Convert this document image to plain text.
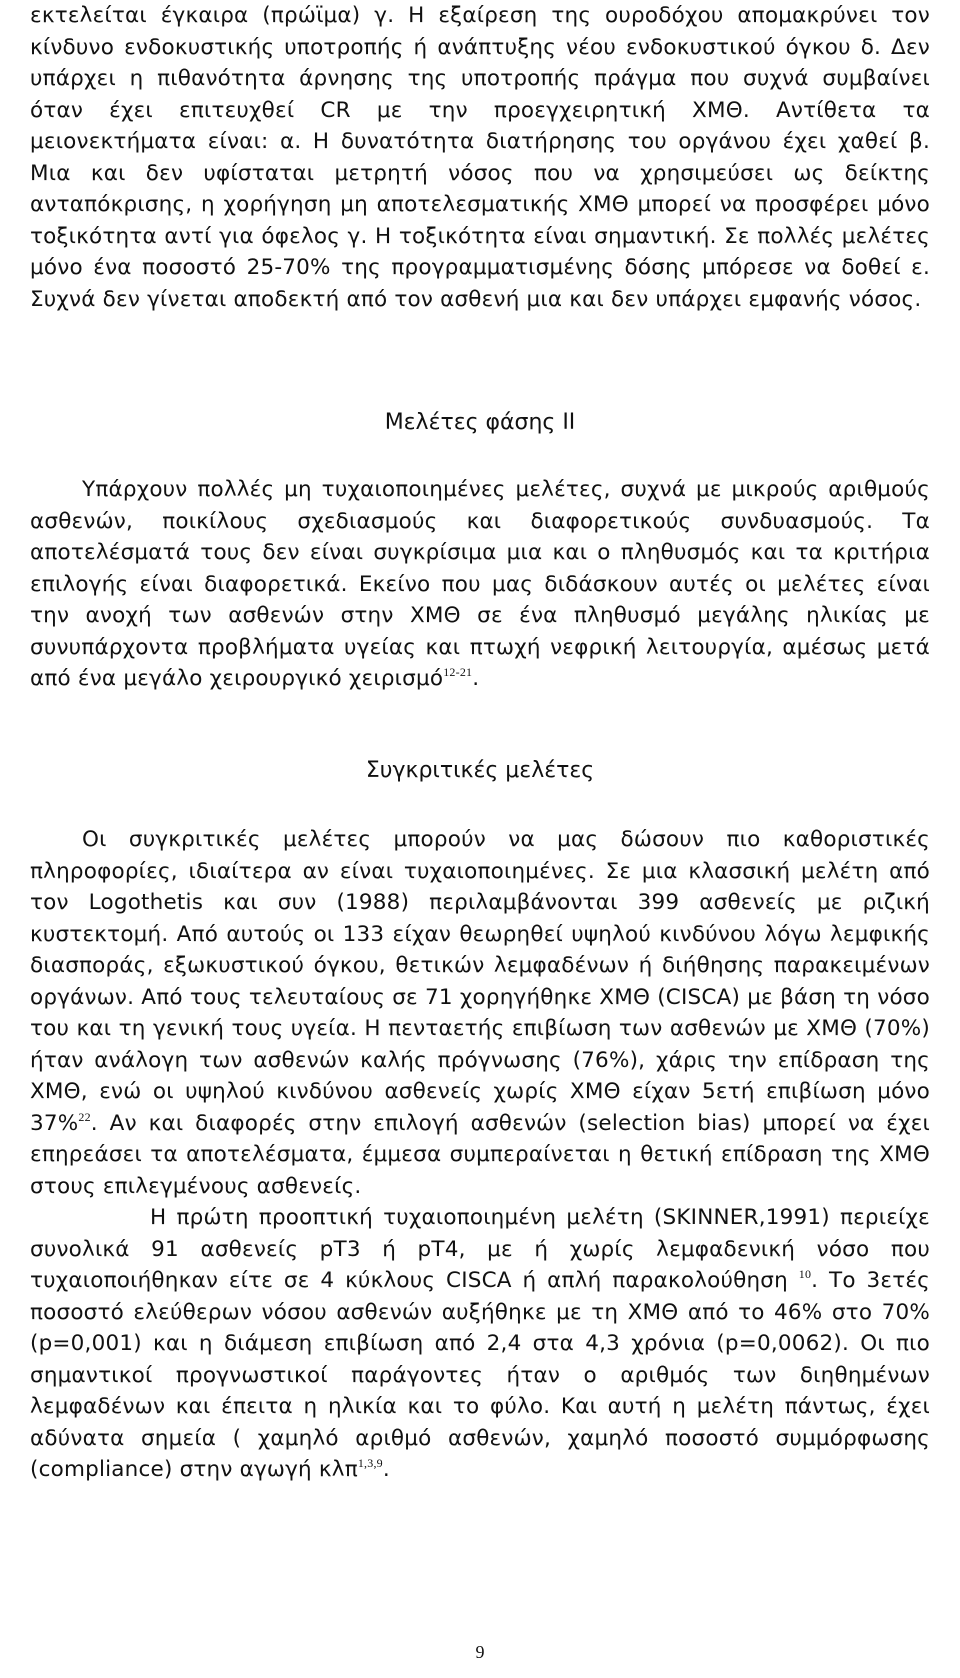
εκτελείται έγκαιρα (πρώϊμα) γ. Η εξαίρεση της ουροδόχου απομακρύνει τον κίνδυνο ενδοκυστικής υποτροπής ή ανάπτυξης νέου ενδοκυστικού όγκου δ. Δεν υπάρχει η πιθανότητα άρνησης της υποτροπής πράγμα που συχνά συμβαίνει όταν έχει επιτευχθεί CR με την προεγχειρητική ΧΜΘ. Αντίθετα τα μειονεκτήματα είναι: α. Η δυνατότητα διατήρησης του οργάνου έχει χαθεί β. Μια και δεν υφίσταται μετρητή νόσος που να χρησιμεύσει ως δείκτης ανταπόκρισης, η χορήγηση μη αποτελεσματικής ΧΜΘ μπορεί να προσφέρει μόνο τοξικότητα αντί για όφελος γ. Η τοξικότητα είναι σημαντική. Σε πολλές μελέτες μόνο ένα ποσοστό 25-70% της προγραμματισμένης δόσης μπόρεσε να δοθεί ε. Συχνά δεν γίνεται αποδεκτή από τον ασθενή μια και δεν υπάρχει εμφανής νόσος.

Μελέτες φάσης ΙΙ

Υπάρχουν πολλές μη τυχαιοποιημένες μελέτες, συχνά με μικρούς αριθμούς ασθενών, ποικίλους σχεδιασμούς και διαφορετικούς συνδυασμούς. Τα αποτελέσματά τους δεν είναι συγκρίσιμα μια και ο πληθυσμός και τα κριτήρια επιλογής είναι διαφορετικά. Εκείνο που μας διδάσκουν αυτές οι μελέτες είναι την ανοχή των ασθενών στην ΧΜΘ σε ένα πληθυσμό μεγάλης ηλικίας με συνυπάρχοντα προβλήματα υγείας και πτωχή νεφρική λειτουργία, αμέσως μετά από ένα μεγάλο χειρουργικό χειρισμό$^{12-21}$.

Συγκριτικές μελέτες

Οι συγκριτικές μελέτες μπορούν να μας δώσουν πιο καθοριστικές πληροφορίες, ιδιαίτερα αν είναι τυχαιοποιημένες. Σε μια κλασσική μελέτη από τον Logothetis και συν (1988) περιλαμβάνονται 399 ασθενείς με ριζική κυστεκτομή. Από αυτούς οι 133 είχαν θεωρηθεί υψηλού κινδύνου λόγω λεμφικής διασποράς, εξωκυστικού όγκου, θετικών λεμφαδένων ή διήθησης παρακειμένων οργάνων. Από τους τελευταίους σε 71 χορηγήθηκε ΧΜΘ (CISCA) με βάση τη νόσο του και τη γενική τους υγεία. Η πενταετής επιβίωση των ασθενών με ΧΜΘ (70%) ήταν ανάλογη των ασθενών καλής πρόγνωσης (76%), χάρις την επίδραση της ΧΜΘ, ενώ οι υψηλού κινδύνου ασθενείς χωρίς ΧΜΘ είχαν 5ετή επιβίωση μόνο 37%$^{22}$. Αν και διαφορές στην επιλογή ασθενών (selection bias) μπορεί να έχει επηρεάσει τα αποτελέσματα, έμμεσα συμπεραίνεται η θετική επίδραση της ΧΜΘ στους επιλεγμένους ασθενείς.

Η πρώτη προοπτική τυχαιοποιημένη μελέτη (SKINNER,1991) περιείχε συνολικά 91 ασθενείς pT3 ή pT4, με ή χωρίς λεμφαδενική νόσο που τυχαιοποιήθηκαν είτε σε 4 κύκλους CISCA ή απλή παρακολούθηση $^{10}$. Το 3ετές ποσοστό ελεύθερων νόσου ασθενών αυξήθηκε με τη ΧΜΘ από το 46% στο 70% (p=0,001) και η διάμεση επιβίωση από 2,4 στα 4,3 χρόνια (p=0,0062). Οι πιο σημαντικοί προγνωστικοί παράγοντες ήταν ο αριθμός των διηθημένων λεμφαδένων και έπειτα η ηλικία και το φύλο. Και αυτή η μελέτη πάντως, έχει αδύνατα σημεία ( χαμηλό αριθμό ασθενών, χαμηλό ποσοστό συμμόρφωσης (compliance) στην αγωγή κλπ$^{1,3,9}$.

9
